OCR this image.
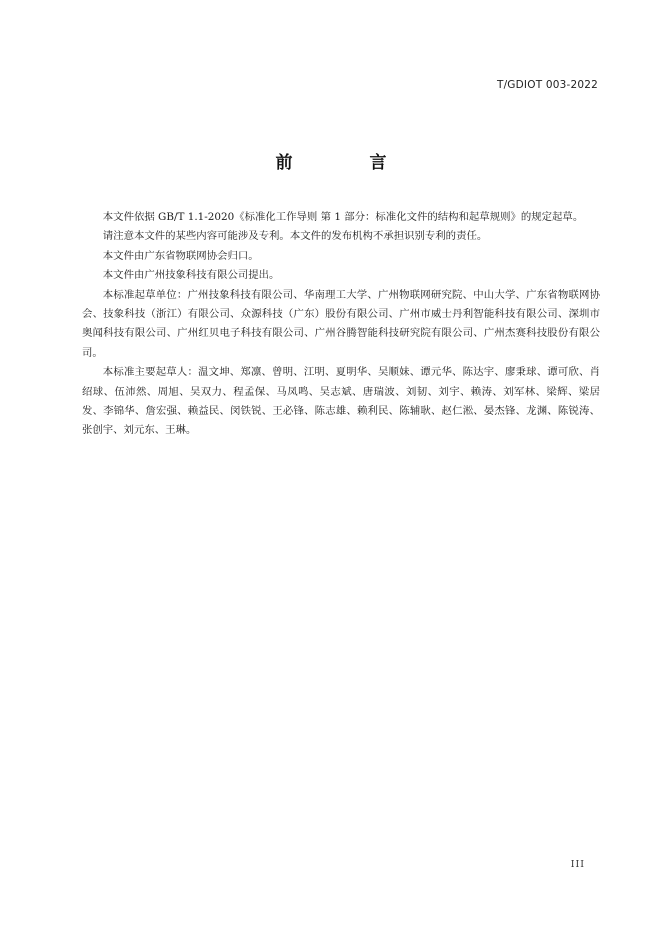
T/GDIOT 003-2022
前　言

本文件依据 GB/T 1.1-2020《标准化工作导则 第 1 部分：标准化文件的结构和起草规则》的规定起草。

请注意本文件的某些内容可能涉及专利。本文件的发布机构不承担识别专利的责任。

本文件由广东省物联网协会归口。

本文件由广州技象科技有限公司提出。

本标准起草单位：广州技象科技有限公司、华南理工大学、广州物联网研究院、中山大学、广东省物联网协会、技象科技（浙江）有限公司、众源科技（广东）股份有限公司、广州市威士丹利智能科技有限公司、深圳市奥闻科技有限公司、广州红贝电子科技有限公司、广州谷腾智能科技研究院有限公司、广州杰赛科技股份有限公司。

本标准主要起草人：温文坤、郑凛、曾明、江明、夏明华、吴顺妹、谭元华、陈达宇、廖秉球、谭可欣、肖绍球、伍沛然、周旭、吴双力、程孟保、马凤鸣、吴志斌、唐瑞波、刘韧、刘宇、赖涛、刘军林、梁辉、梁居发、李锦华、詹宏强、赖益民、闵铁锐、王必锋、陈志雄、赖利民、陈辅耿、赵仁淞、晏杰锋、龙渊、陈锐涛、张创宇、刘元东、王琳。

III
